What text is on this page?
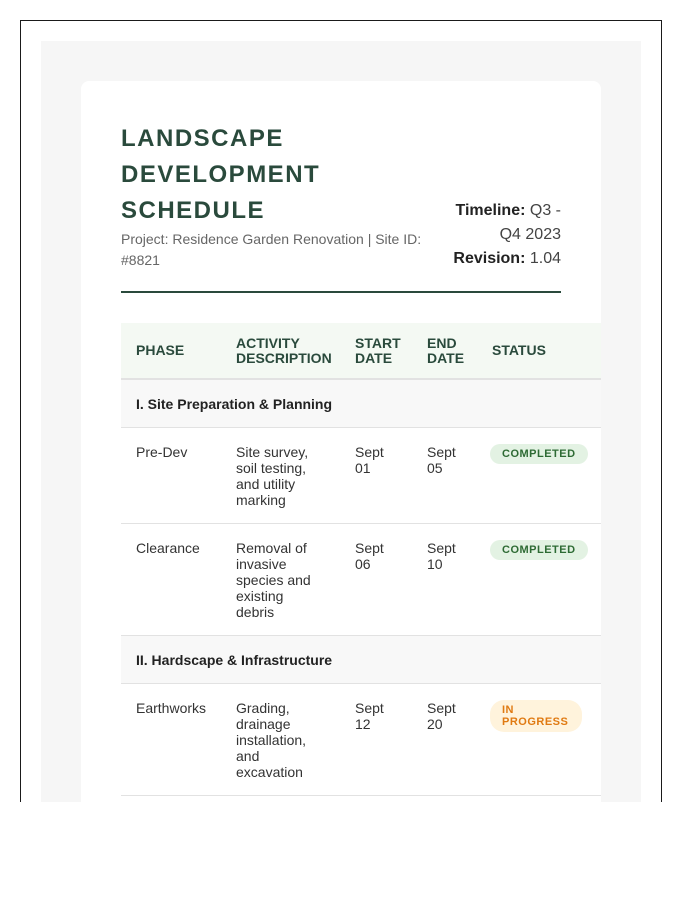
LANDSCAPE DEVELOPMENT SCHEDULE

Project: Residence Garden Renovation | Site ID: #8821

Timeline: Q3 - Q4 2023
Revision: 1.04
PHASE	ACTIVITY DESCRIPTION	START DATE	END DATE	STATUS
I. Site Preparation & Planning				
Pre-Dev	Site survey, soil testing, and utility marking	Sept 01	Sept 05	COMPLETED
Clearance	Removal of invasive species and existing debris	Sept 06	Sept 10	COMPLETED
II. Hardscape & Infrastructure				
Earthworks	Grading, drainage installation, and excavation	Sept 12	Sept 20	IN PROGRESS
